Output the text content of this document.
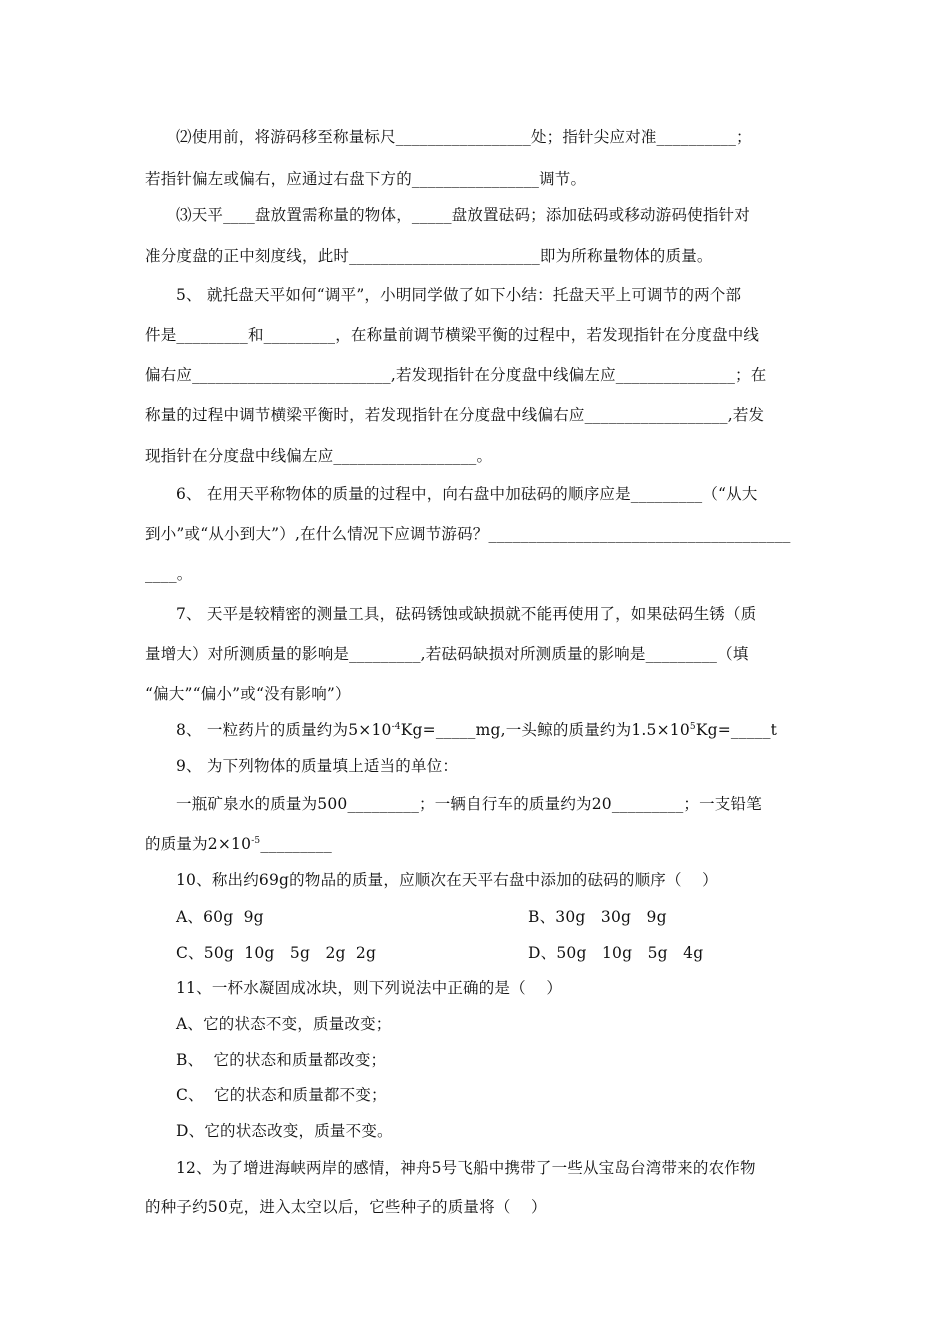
⑵使用前，将游码移至称量标尺_________________处；指针尖应对准__________；
若指针偏左或偏右，应通过右盘下方的________________调节。
⑶天平____盘放置需称量的物体，_____盘放置砝码；添加砝码或移动游码使指针对
准分度盘的正中刻度线，此时________________________即为所称量物体的质量。
5、 就托盘天平如何“调平”，小明同学做了如下小结：托盘天平上可调节的两个部
件是_________和_________，在称量前调节横梁平衡的过程中，若发现指针在分度盘中线
偏右应_________________________,若发现指针在分度盘中线偏左应_______________；在
称量的过程中调节横梁平衡时，若发现指针在分度盘中线偏右应__________________,若发
现指针在分度盘中线偏左应__________________。
6、 在用天平称物体的质量的过程中，向右盘中加砝码的顺序应是_________（“从大
到小”或“从小到大”）,在什么情况下应调节游码？______________________________________
____。
7、 天平是较精密的测量工具，砝码锈蚀或缺损就不能再使用了，如果砝码生锈（质
量增大）对所测质量的影响是_________,若砝码缺损对所测质量的影响是_________（填
“偏大”“偏小”或“没有影响”）
8、 一粒药片的质量约为$5\times 10^{-4}Kg=\_\_\_\_\_mg$,一头鲸的质量约为$1.5\times 10^5Kg=\_\_\_\_\_t$
9、 为下列物体的质量填上适当的单位：
一瓶矿泉水的质量为500_________；一辆自行车的质量约为20_________；一支铅笔
的质量为$2\times 10^{-5}\_\_\_\_\_\_\_\_\_$
10、称出约69g的物品的质量，应顺次在天平右盘中添加的砝码的顺序（    ）
A、60g  9g	B、30g   30g   9g
C、50g  10g   5g   2g  2g	D、50g   10g   5g   4g
11、一杯水凝固成冰块，则下列说法中正确的是（    ）
A、它的状态不变，质量改变；
B、  它的状态和质量都改变；
C、  它的状态和质量都不变；
D、它的状态改变，质量不变。
12、为了增进海峡两岸的感情，神舟5号飞船中携带了一些从宝岛台湾带来的农作物
的种子约50克，进入太空以后，它些种子的质量将（    ）
